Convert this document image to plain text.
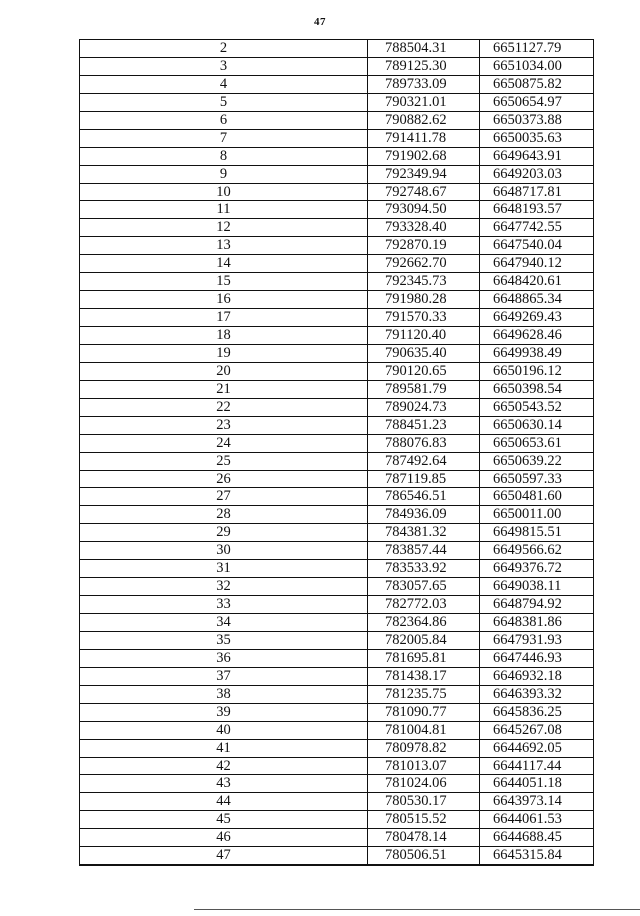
47
2	788504.31	6651127.79
3	789125.30	6651034.00
4	789733.09	6650875.82
5	790321.01	6650654.97
6	790882.62	6650373.88
7	791411.78	6650035.63
8	791902.68	6649643.91
9	792349.94	6649203.03
10	792748.67	6648717.81
11	793094.50	6648193.57
12	793328.40	6647742.55
13	792870.19	6647540.04
14	792662.70	6647940.12
15	792345.73	6648420.61
16	791980.28	6648865.34
17	791570.33	6649269.43
18	791120.40	6649628.46
19	790635.40	6649938.49
20	790120.65	6650196.12
21	789581.79	6650398.54
22	789024.73	6650543.52
23	788451.23	6650630.14
24	788076.83	6650653.61
25	787492.64	6650639.22
26	787119.85	6650597.33
27	786546.51	6650481.60
28	784936.09	6650011.00
29	784381.32	6649815.51
30	783857.44	6649566.62
31	783533.92	6649376.72
32	783057.65	6649038.11
33	782772.03	6648794.92
34	782364.86	6648381.86
35	782005.84	6647931.93
36	781695.81	6647446.93
37	781438.17	6646932.18
38	781235.75	6646393.32
39	781090.77	6645836.25
40	781004.81	6645267.08
41	780978.82	6644692.05
42	781013.07	6644117.44
43	781024.06	6644051.18
44	780530.17	6643973.14
45	780515.52	6644061.53
46	780478.14	6644688.45
47	780506.51	6645315.84
